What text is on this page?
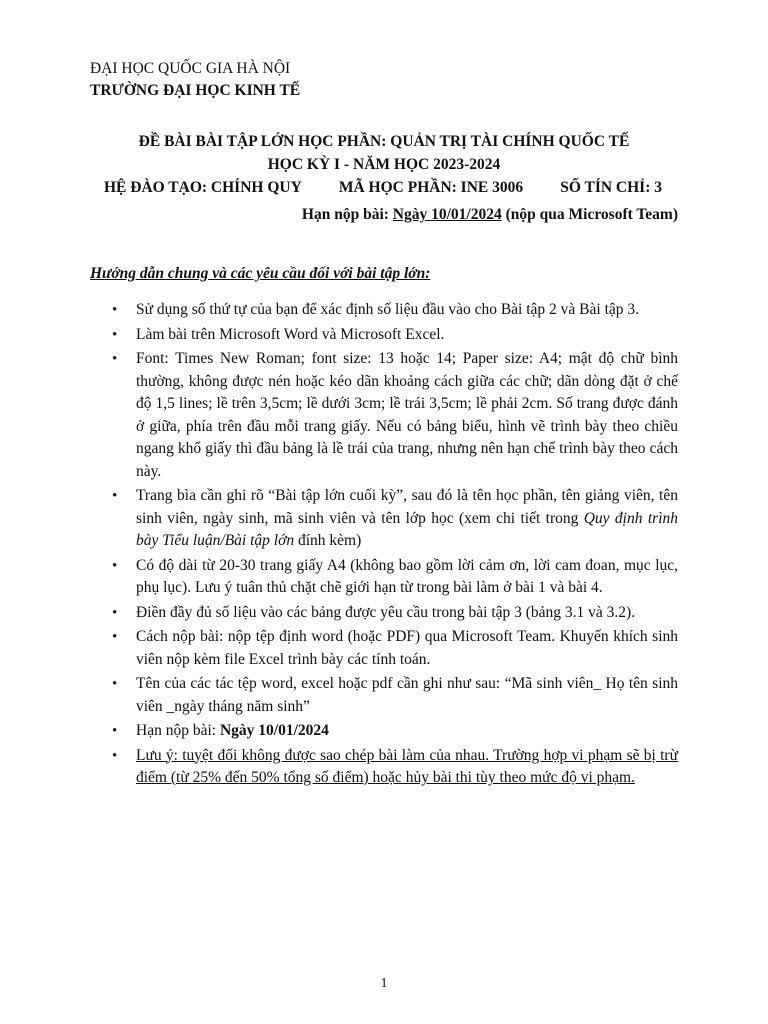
ĐẠI HỌC QUỐC GIA HÀ NỘI
TRƯỜNG ĐẠI HỌC KINH TẾ
ĐỀ BÀI BÀI TẬP LỚN HỌC PHẦN: QUẢN TRỊ TÀI CHÍNH QUỐC TẾ
HỌC KỲ I - NĂM HỌC 2023-2024
HỆ ĐÀO TẠO: CHÍNH QUY MÃ HỌC PHẦN: INE 3006 SỐ TÍN CHỈ: 3
Hạn nộp bài: Ngày 10/01/2024 (nộp qua Microsoft Team)
Hướng dẫn chung và các yêu cầu đối với bài tập lớn:
• Sử dụng số thứ tự của bạn để xác định số liệu đầu vào cho Bài tập 2 và Bài tập 3.
• Làm bài trên Microsoft Word và Microsoft Excel.
• Font: Times New Roman; font size: 13 hoặc 14; Paper size: A4; mật độ chữ bình thường, không được nén hoặc kéo dãn khoảng cách giữa các chữ; dãn dòng đặt ở chế độ 1,5 lines; lề trên 3,5cm; lề dưới 3cm; lề trái 3,5cm; lề phải 2cm. Số trang được đánh ở giữa, phía trên đầu mỗi trang giấy. Nếu có bảng biểu, hình vẽ trình bày theo chiều ngang khổ giấy thì đầu bảng là lề trái của trang, nhưng nên hạn chế trình bày theo cách này.
• Trang bìa cần ghi rõ “Bài tập lớn cuối kỳ”, sau đó là tên học phần, tên giảng viên, tên sinh viên, ngày sinh, mã sinh viên và tên lớp học (xem chi tiết trong Quy định trình bày Tiểu luận/Bài tập lớn đính kèm)
• Có độ dài từ 20-30 trang giấy A4 (không bao gồm lời cảm ơn, lời cam đoan, mục lục, phụ lục). Lưu ý tuân thủ chặt chẽ giới hạn từ trong bài làm ở bài 1 và bài 4.
• Điền đầy đủ số liệu vào các bảng được yêu cầu trong bài tập 3 (bảng 3.1 và 3.2).
• Cách nộp bài: nộp tệp định word (hoặc PDF) qua Microsoft Team. Khuyến khích sinh viên nộp kèm file Excel trình bày các tính toán.
• Tên của các tác tệp word, excel hoặc pdf cần ghi như sau: “Mã sinh viên_ Họ tên sinh viên _ngày tháng năm sinh”
• Hạn nộp bài: Ngày 10/01/2024
• Lưu ý: tuyệt đối không được sao chép bài làm của nhau. Trường hợp vi phạm sẽ bị trừ điểm (từ 25% đến 50% tổng số điểm) hoặc hủy bài thi tùy theo mức độ vi phạm.
1
